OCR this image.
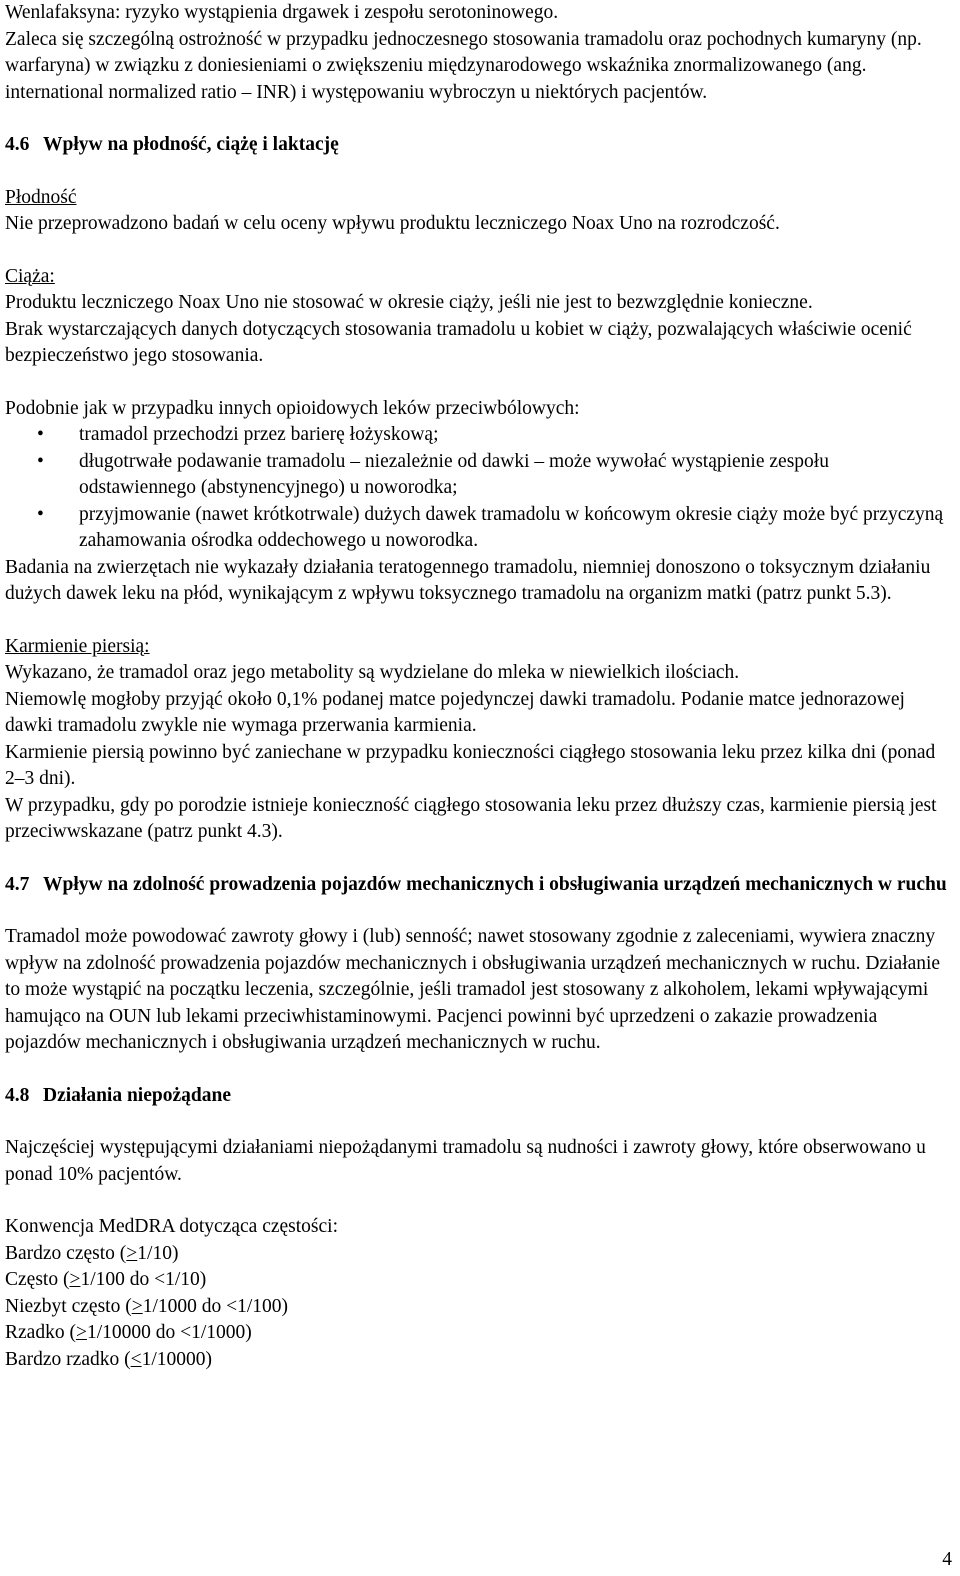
Wenlafaksyna: ryzyko wystąpienia drgawek i zespołu serotoninowego.

Zaleca się szczególną ostrożność w przypadku jednoczesnego stosowania tramadolu oraz pochodnych kumaryny (np. warfaryna) w związku z doniesieniami o zwiększeniu międzynarodowego wskaźnika znormalizowanego (ang. international normalized ratio – INR) i występowaniu wybroczyn u niektórych pacjentów.

4.6 Wpływ na płodność, ciążę i laktację

Płodność

Nie przeprowadzono badań w celu oceny wpływu produktu leczniczego Noax Uno na rozrodczość.

Ciąża:

Produktu leczniczego Noax Uno nie stosować w okresie ciąży, jeśli nie jest to bezwzględnie konieczne.

Brak wystarczających danych dotyczących stosowania tramadolu u kobiet w ciąży, pozwalających właściwie ocenić bezpieczeństwo jego stosowania.

Podobnie jak w przypadku innych opioidowych leków przeciwbólowych:

• tramadol przechodzi przez barierę łożyskową;
• długotrwałe podawanie tramadolu – niezależnie od dawki – może wywołać wystąpienie zespołu odstawiennego (abstynencyjnego) u noworodka;
• przyjmowanie (nawet krótkotrwale) dużych dawek tramadolu w końcowym okresie ciąży może być przyczyną zahamowania ośrodka oddechowego u noworodka.

Badania na zwierzętach nie wykazały działania teratogennego tramadolu, niemniej donoszono o toksycznym działaniu dużych dawek leku na płód, wynikającym z wpływu toksycznego tramadolu na organizm matki (patrz punkt 5.3).

Karmienie piersią:

Wykazano, że tramadol oraz jego metabolity są wydzielane do mleka w niewielkich ilościach.

Niemowlę mogłoby przyjąć około 0,1% podanej matce pojedynczej dawki tramadolu. Podanie matce jednorazowej dawki tramadolu zwykle nie wymaga przerwania karmienia.

Karmienie piersią powinno być zaniechane w przypadku konieczności ciągłego stosowania leku przez kilka dni (ponad 2–3 dni).

W przypadku, gdy po porodzie istnieje konieczność ciągłego stosowania leku przez dłuższy czas, karmienie piersią jest przeciwwskazane (patrz punkt 4.3).

4.7 Wpływ na zdolność prowadzenia pojazdów mechanicznych i obsługiwania urządzeń mechanicznych w ruchu

Tramadol może powodować zawroty głowy i (lub) senność; nawet stosowany zgodnie z zaleceniami, wywiera znaczny wpływ na zdolność prowadzenia pojazdów mechanicznych i obsługiwania urządzeń mechanicznych w ruchu. Działanie to może wystąpić na początku leczenia, szczególnie, jeśli tramadol jest stosowany z alkoholem, lekami wpływającymi hamująco na OUN lub lekami przeciwhistaminowymi. Pacjenci powinni być uprzedzeni o zakazie prowadzenia pojazdów mechanicznych i obsługiwania urządzeń mechanicznych w ruchu.

4.8 Działania niepożądane

Najczęściej występującymi działaniami niepożądanymi tramadolu są nudności i zawroty głowy, które obserwowano u ponad 10% pacjentów.

Konwencja MedDRA dotycząca częstości:

Bardzo często (>1/10)

Często (>1/100 do <1/10)

Niezbyt często (>1/1000 do <1/100)

Rzadko (>1/10000 do <1/1000)

Bardzo rzadko (<1/10000)

4
